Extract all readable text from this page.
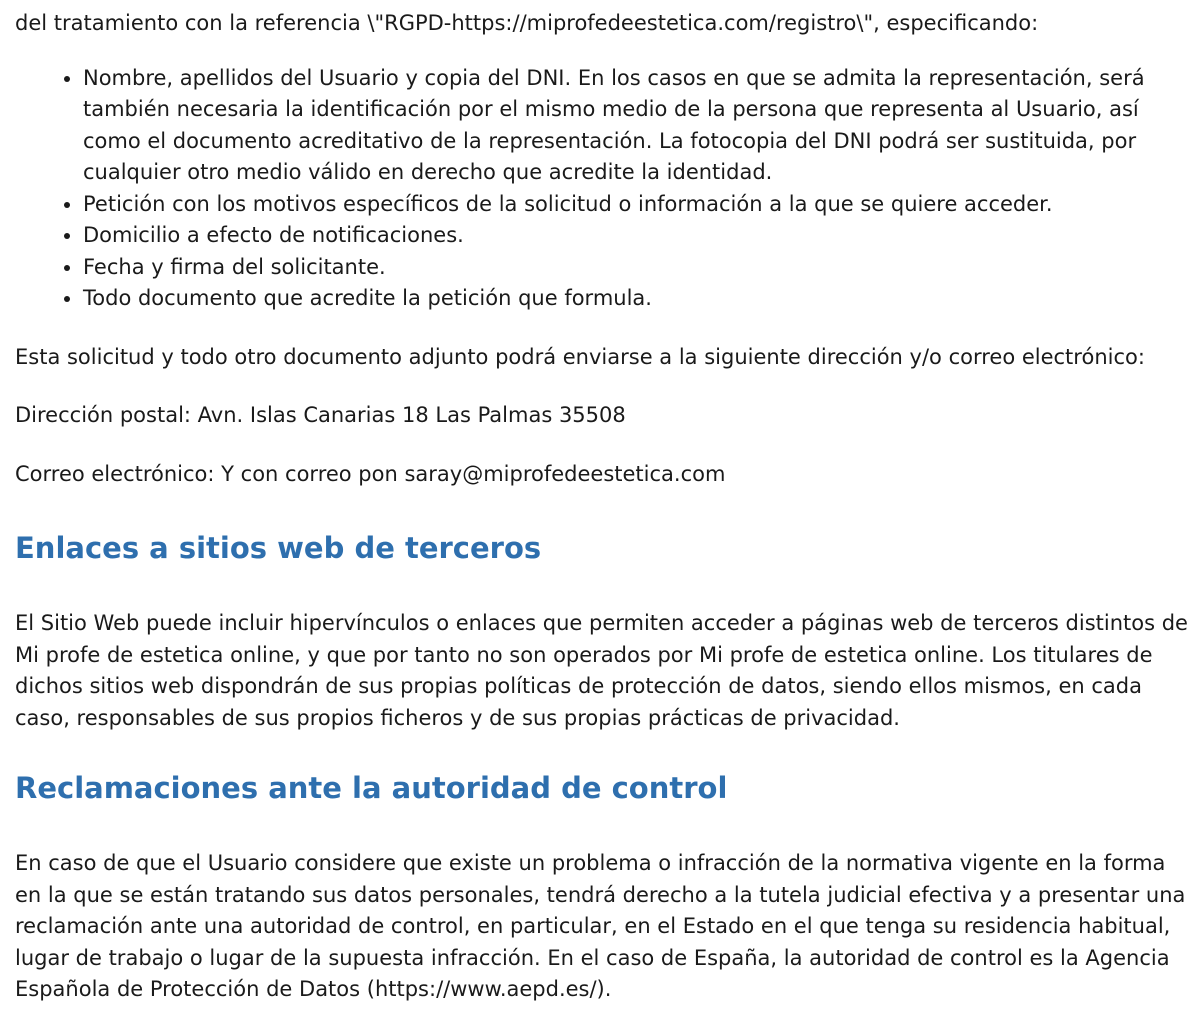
del tratamiento con la referencia \"RGPD-https://miprofedeestetica.com/registro\", especificando:

• Nombre, apellidos del Usuario y copia del DNI. En los casos en que se admita la representación, será también necesaria la identificación por el mismo medio de la persona que representa al Usuario, así como el documento acreditativo de la representación. La fotocopia del DNI podrá ser sustituida, por cualquier otro medio válido en derecho que acredite la identidad.
• Petición con los motivos específicos de la solicitud o información a la que se quiere acceder.
• Domicilio a efecto de notificaciones.
• Fecha y firma del solicitante.
• Todo documento que acredite la petición que formula.

Esta solicitud y todo otro documento adjunto podrá enviarse a la siguiente dirección y/o correo electrónico:

Dirección postal: Avn. Islas Canarias 18 Las Palmas 35508

Correo electrónico: Y con correo pon saray@miprofedeestetica.com

Enlaces a sitios web de terceros

El Sitio Web puede incluir hipervínculos o enlaces que permiten acceder a páginas web de terceros distintos de Mi profe de estetica online, y que por tanto no son operados por Mi profe de estetica online. Los titulares de dichos sitios web dispondrán de sus propias políticas de protección de datos, siendo ellos mismos, en cada caso, responsables de sus propios ficheros y de sus propias prácticas de privacidad.

Reclamaciones ante la autoridad de control

En caso de que el Usuario considere que existe un problema o infracción de la normativa vigente en la forma en la que se están tratando sus datos personales, tendrá derecho a la tutela judicial efectiva y a presentar una reclamación ante una autoridad de control, en particular, en el Estado en el que tenga su residencia habitual, lugar de trabajo o lugar de la supuesta infracción. En el caso de España, la autoridad de control es la Agencia Española de Protección de Datos (https://www.aepd.es/).
